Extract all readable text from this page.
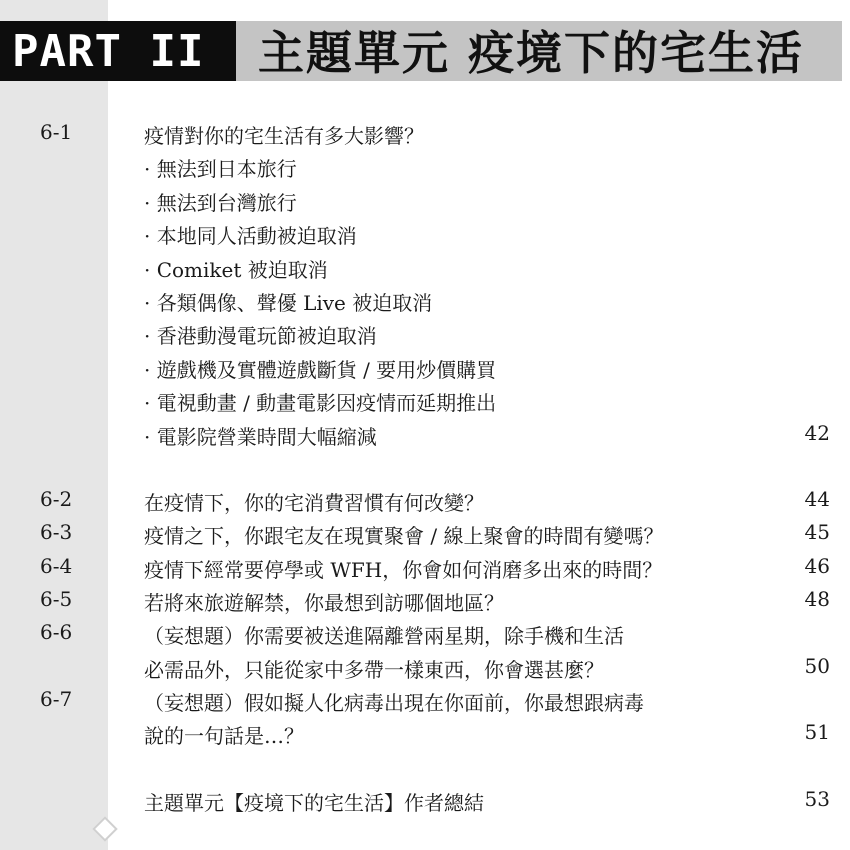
PART II 主題單元 疫境下的宅生活
6-1	疫情對你的宅生活有多大影響？
· 無法到日本旅行
· 無法到台灣旅行
· 本地同人活動被迫取消
· Comiket 被迫取消
· 各類偶像、聲優 Live 被迫取消
· 香港動漫電玩節被迫取消
· 遊戲機及實體遊戲斷貨 / 要用炒價購買
· 電視動畫 / 動畫電影因疫情而延期推出
· 電影院營業時間大幅縮減	42
6-2	在疫情下，你的宅消費習慣有何改變？	44
6-3	疫情之下，你跟宅友在現實聚會 / 線上聚會的時間有變嗎？	45
6-4	疫情下經常要停學或 WFH，你會如何消磨多出來的時間？	46
6-5	若將來旅遊解禁，你最想到訪哪個地區？	48
6-6	（妄想題）你需要被送進隔離營兩星期，除手機和生活
必需品外，只能從家中多帶一樣東西，你會選甚麼？	50
6-7	（妄想題）假如擬人化病毒出現在你面前，你最想跟病毒
說的一句話是…？	51
主題單元【疫境下的宅生活】作者總結	53
